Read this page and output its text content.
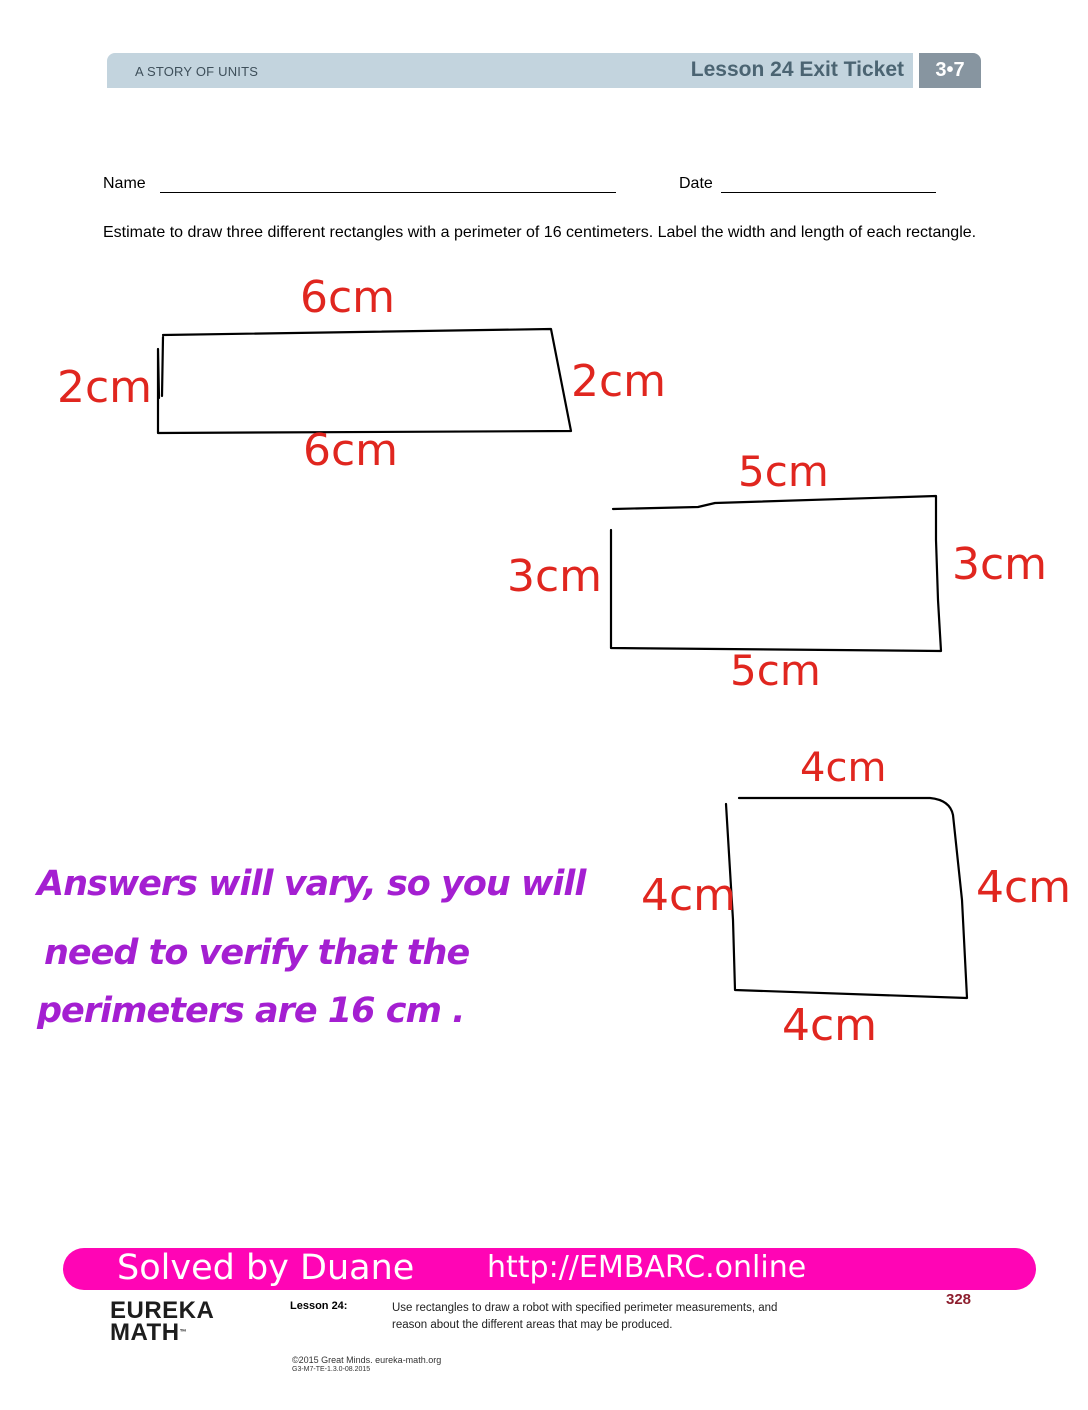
A STORY OF UNITS	Lesson 24 Exit Ticket	3•7
Name	Date
Estimate to draw three different rectangles with a perimeter of 16 centimeters. Label the width and length of each rectangle.
6cm
6cm
2cm	2cm
5cm
5cm
3cm	3cm
4cm
4cm
4cm	4cm
Answers will vary, so you will
need to verify that the
perimeters are 16 cm .
Solved by Duane http://EMBARC.online
EUREKA
MATH™
Lesson 24:	Use rectangles to draw a robot with specified perimeter measurements, and reason about the different areas that may be produced.
328
©2015 Great Minds. eureka-math.org
G3-M7-TE-1.3.0-08.2015
